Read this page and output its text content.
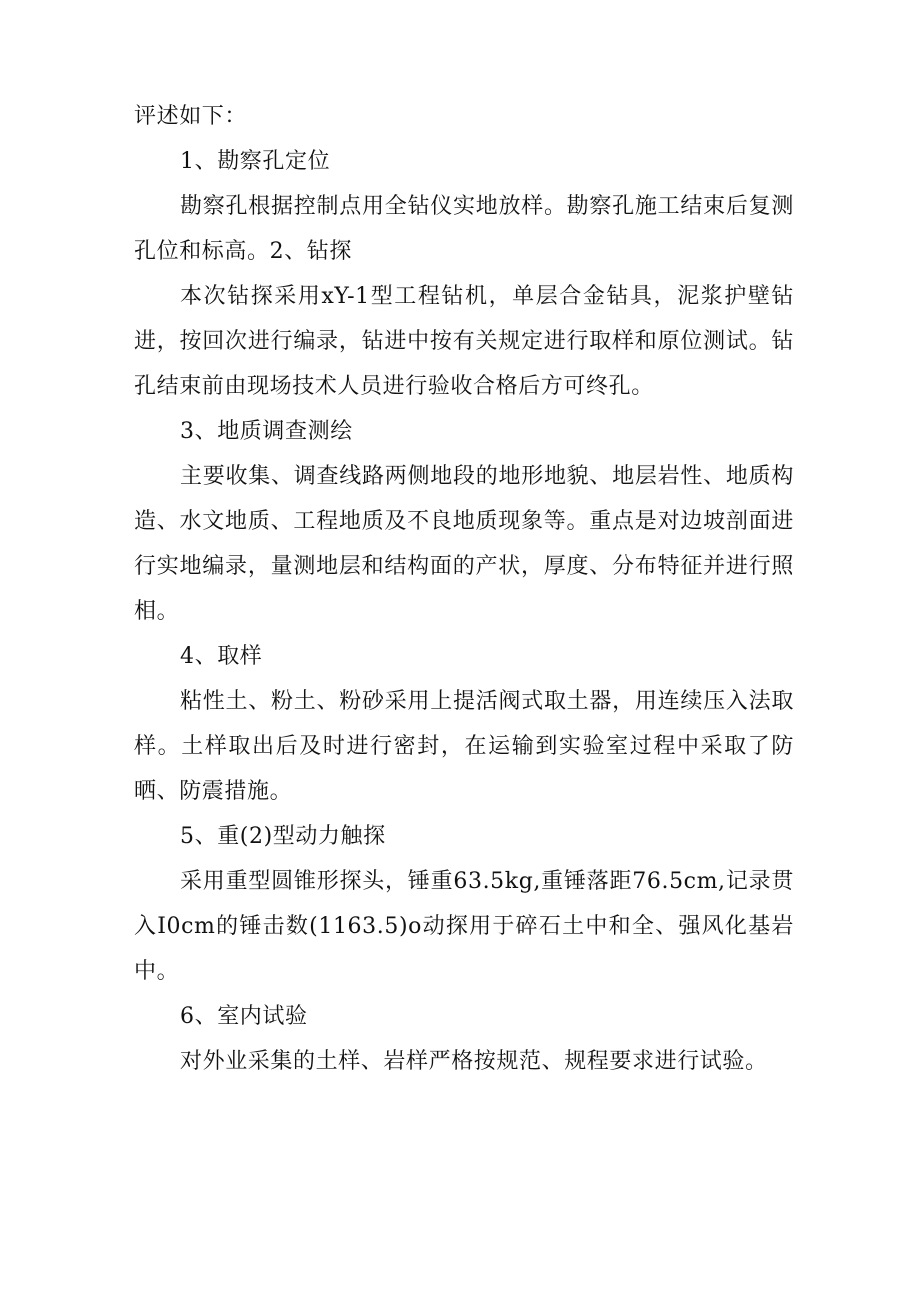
评述如下：

1、勘察孔定位

勘察孔根据控制点用全钻仪实地放样。勘察孔施工结束后复测孔位和标高。2、钻探

本次钻探采用xY-1型工程钻机，单层合金钻具，泥浆护壁钻进，按回次进行编录，钻进中按有关规定进行取样和原位测试。钻孔结束前由现场技术人员进行验收合格后方可终孔。

3、地质调查测绘

主要收集、调查线路两侧地段的地形地貌、地层岩性、地质构造、水文地质、工程地质及不良地质现象等。重点是对边坡剖面进行实地编录，量测地层和结构面的产状，厚度、分布特征并进行照相。

4、取样

粘性土、粉土、粉砂采用上提活阀式取土器，用连续压入法取样。土样取出后及时进行密封，在运输到实验室过程中采取了防晒、防震措施。

5、重(2)型动力触探

采用重型圆锥形探头，锤重63.5kg,重锤落距76.5cm,记录贯入I0cm的锤击数(1163.5)o动探用于碎石土中和全、强风化基岩中。

6、室内试验

对外业采集的土样、岩样严格按规范、规程要求进行试验。
